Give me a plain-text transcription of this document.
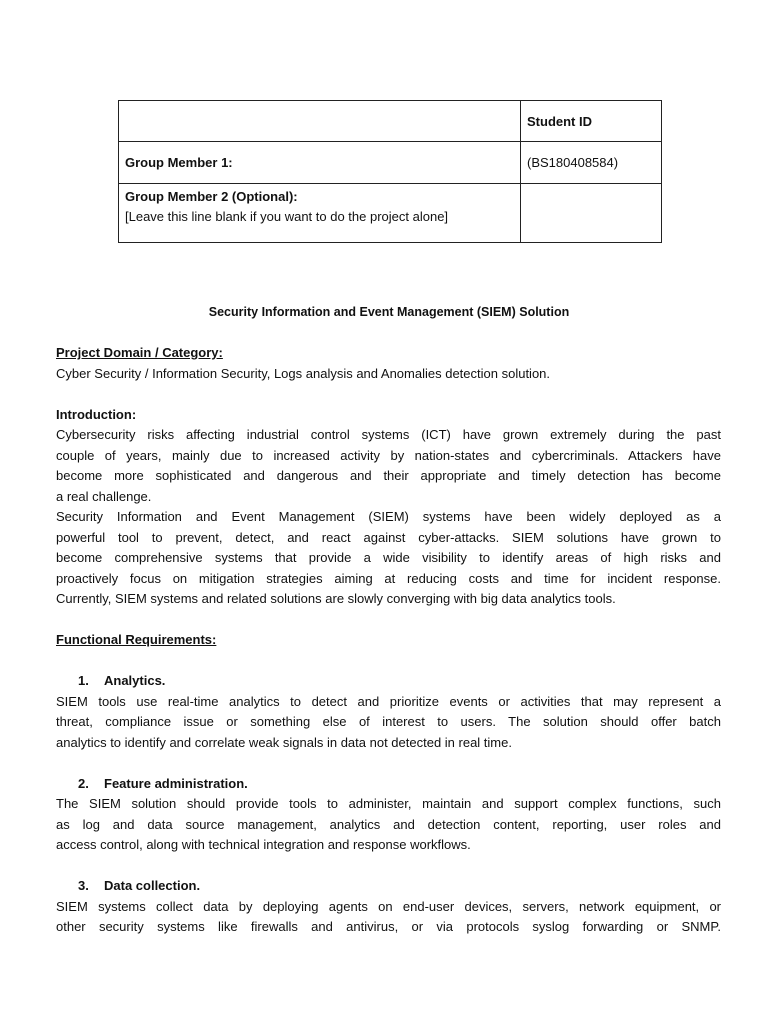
	Student ID
Group Member 1:	(BS180408584)

Group Member 2 (Optional):
[Leave this line blank if you want to do the project alone]	

Security Information and Event Management (SIEM) Solution
Project Domain / Category:
Cyber Security / Information Security, Logs analysis and Anomalies detection solution.
Introduction:
Cybersecurity risks affecting industrial control systems (ICT) have grown extremely during the past
couple of years, mainly due to increased activity by nation-states and cybercriminals. Attackers have
become more sophisticated and dangerous and their appropriate and timely detection has become
a real challenge.
Security Information and Event Management (SIEM) systems have been widely deployed as a
powerful tool to prevent, detect, and react against cyber-attacks. SIEM solutions have grown to
become comprehensive systems that provide a wide visibility to identify areas of high risks and
proactively focus on mitigation strategies aiming at reducing costs and time for incident response.
Currently, SIEM systems and related solutions are slowly converging with big data analytics tools.
Functional Requirements:
1. Analytics.
SIEM tools use real-time analytics to detect and prioritize events or activities that may represent a
threat, compliance issue or something else of interest to users. The solution should offer batch
analytics to identify and correlate weak signals in data not detected in real time.
2. Feature administration.
The SIEM solution should provide tools to administer, maintain and support complex functions, such
as log and data source management, analytics and detection content, reporting, user roles and
access control, along with technical integration and response workflows.
3. Data collection.
SIEM systems collect data by deploying agents on end-user devices, servers, network equipment, or
other security systems like firewalls and antivirus, or via protocols syslog forwarding or SNMP.
